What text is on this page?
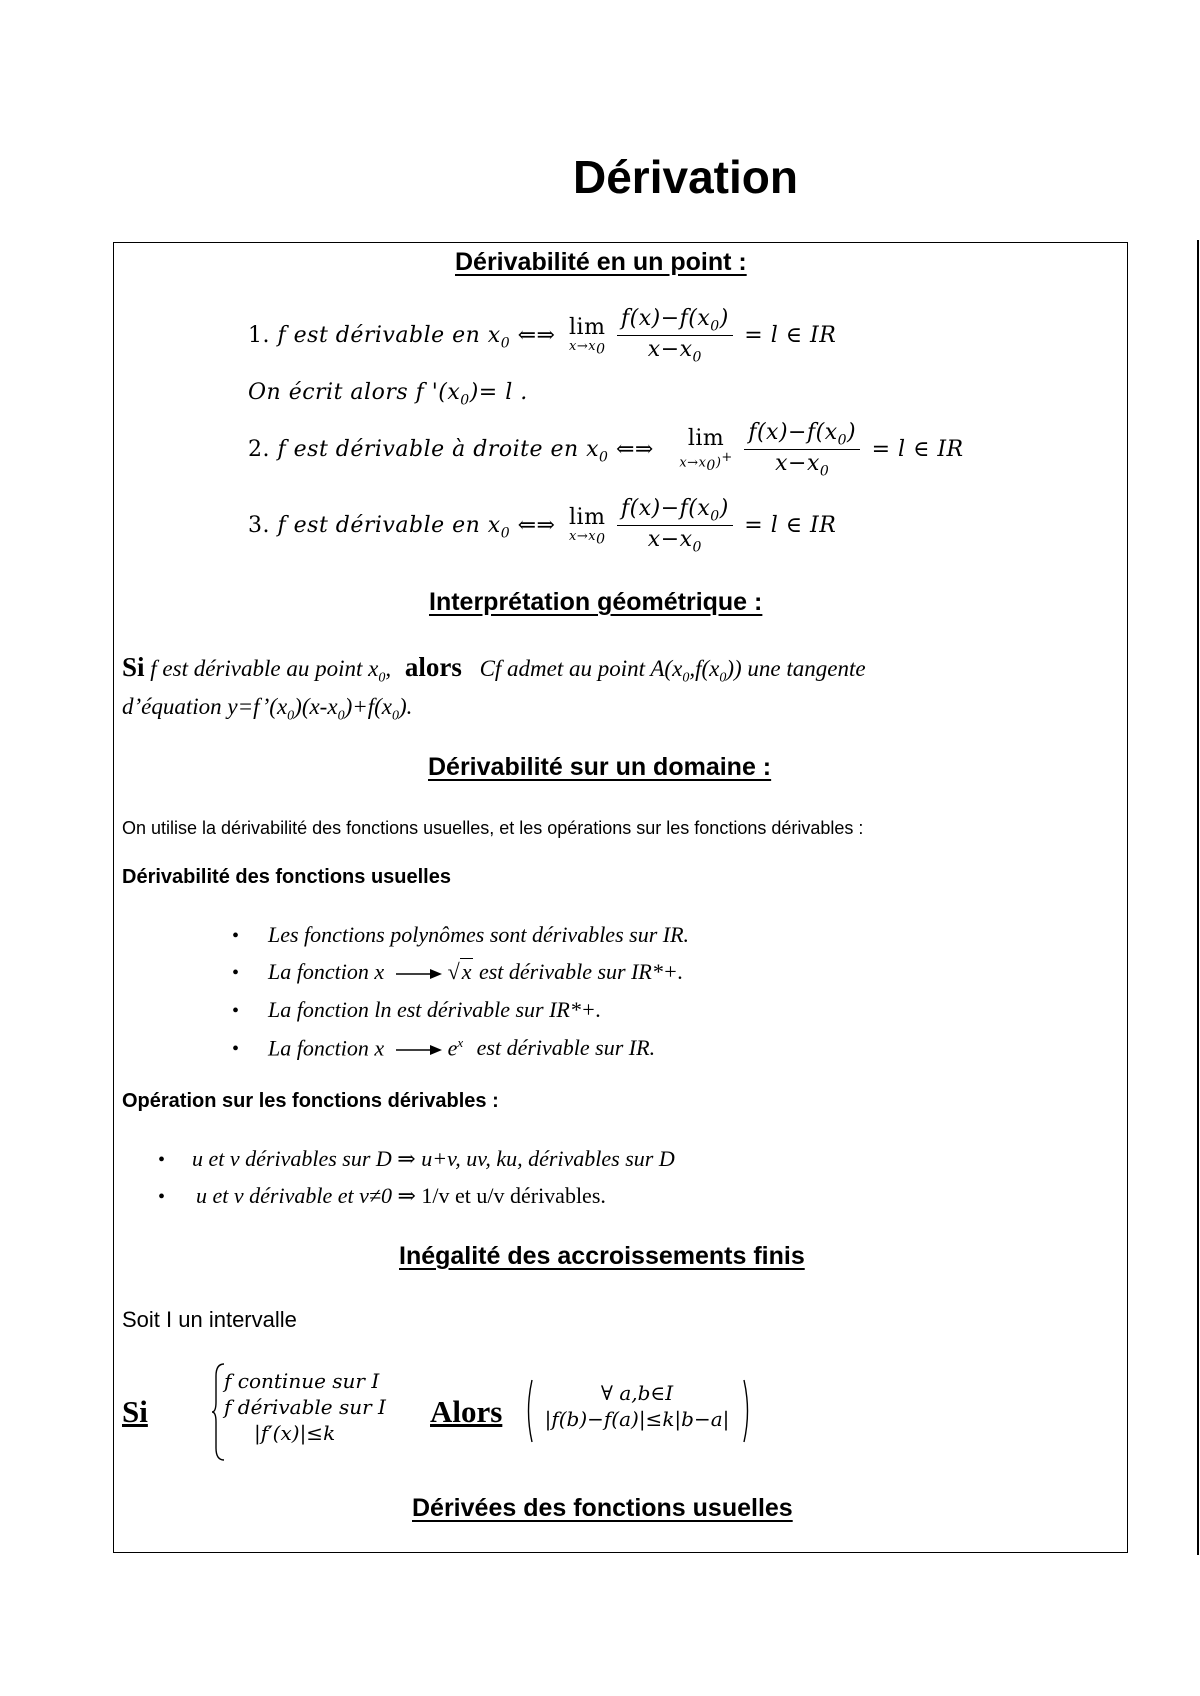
Dérivation
Dérivabilité en un point :
1. f est dérivable en $x_0$ ⇐⇒ lim
$x\to x_0$
$\frac{f(x)-f(x_0)}{x-x_0} = l$ ∈ IR
On écrit alors f '$(x_0)= l$ .
2. f est dérivable à droite en $x_0$ ⇐⇒	lim
$x\to x_0)^+$
$\frac{f(x)-f(x_0)}{x-x_0} = l$ ∈ IR
3. f est dérivable en $x_0$ ⇐⇒ lim
$x\to x_0$
$\frac{f(x)-f(x_0)}{x-x_0} = l$ ∈ IR
Interprétation géométrique :
Si f est dérivable au point $x_0$, alors Cf admet au point $A(x_0,f(x_0))$ une tangente
d’équation $y=f’(x_0)(x-x_0)+f(x_0)$.
Dérivabilité sur un domaine :
On utilise la dérivabilité des fonctions usuelles, et les opérations sur les fonctions dérivables :
Dérivabilité des fonctions usuelles
• Les fonctions polynômes sont dérivables sur IR.
• La fonction x	√x est dérivable sur IR*+.
• La fonction ln est dérivable sur IR*+.
• La fonction x	$e^x$ est dérivable sur IR.
Opération sur les fonctions dérivables :
• u et v dérivables sur D ⇒ u+v, uv, ku, dérivables sur D
• u et v dérivable et v≠0 ⇒ 1/v et u/v dérivables.
Inégalité des accroissements finis
Soit I un intervalle
Si
f continue sur I
f dérivable sur I
|f′(x)|≤k
Alors
∀ a,b∈I
|f(b)−f(a)|≤k|b−a|
Dérivées des fonctions usuelles
